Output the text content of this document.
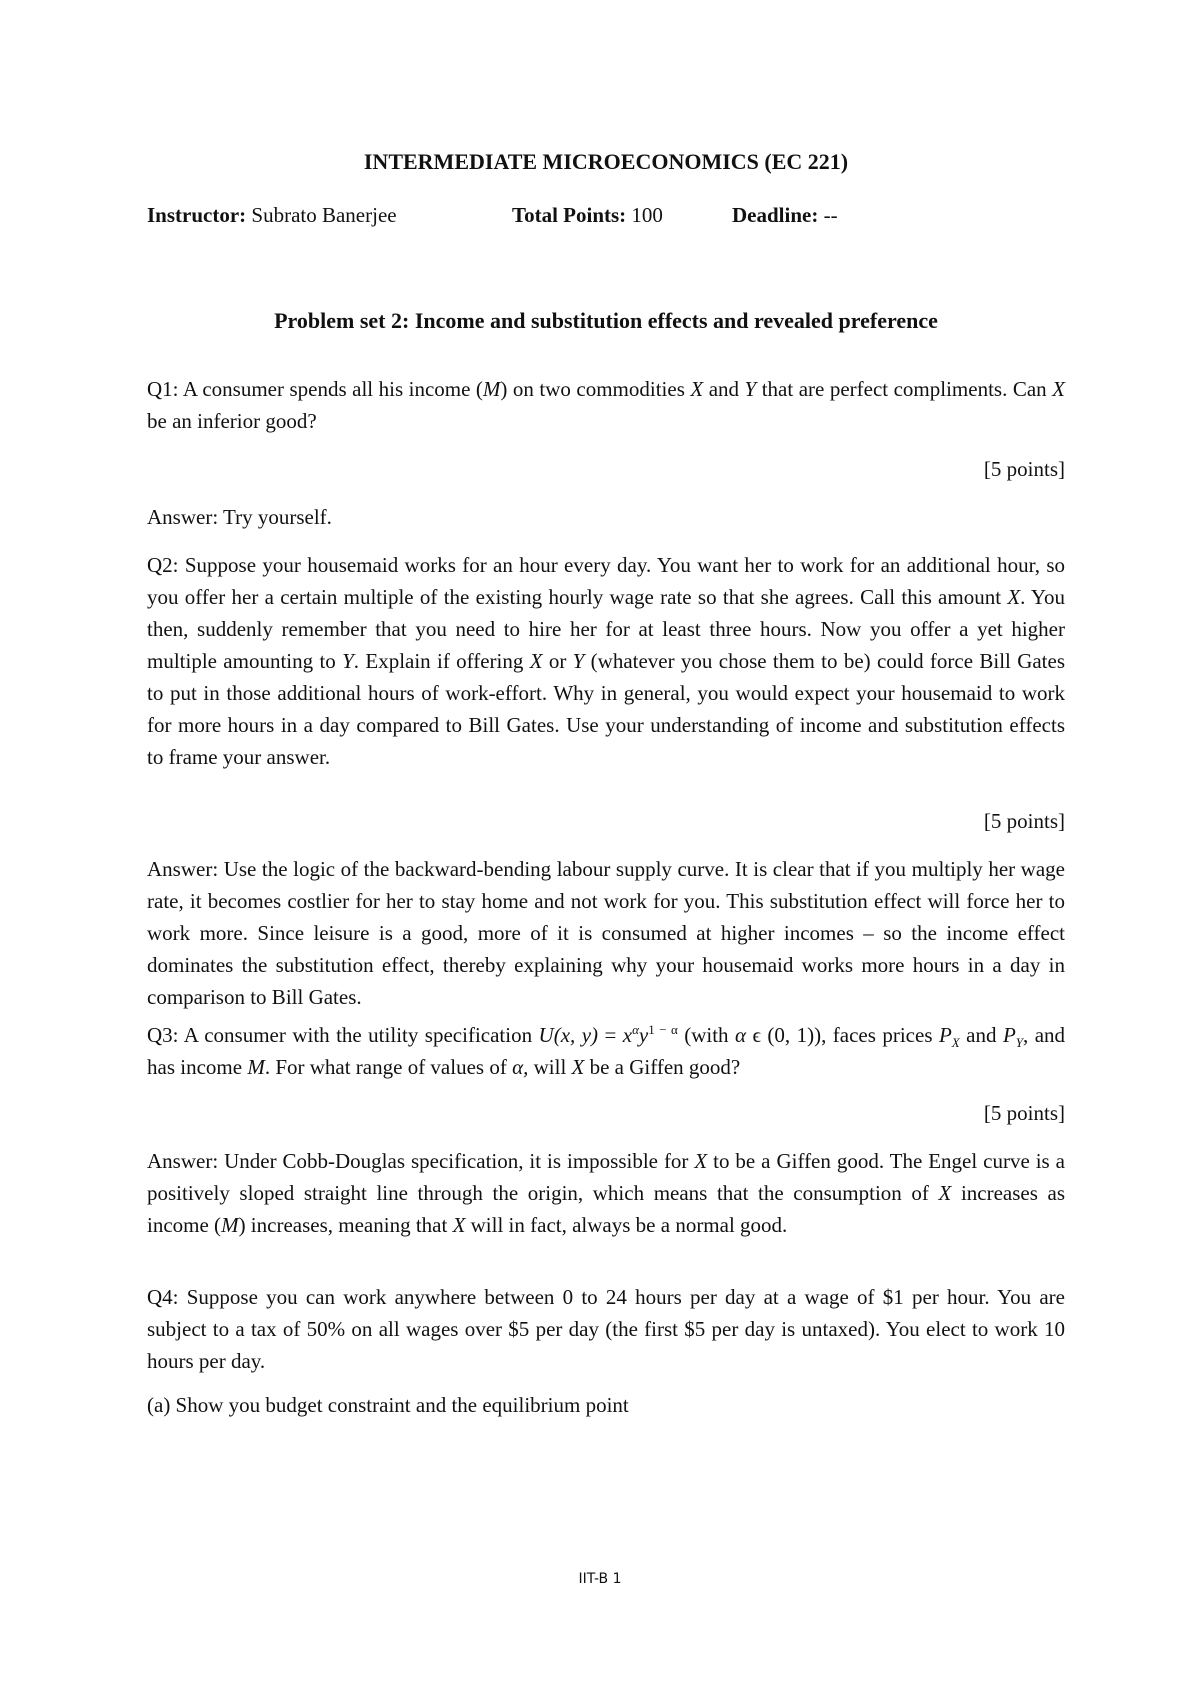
INTERMEDIATE MICROECONOMICS (EC 221)
Instructor: Subrato Banerjee	Total Points: 100	Deadline: --
Problem set 2: Income and substitution effects and revealed preference

Q1: A consumer spends all his income (M) on two commodities X and Y that are perfect compliments. Can X be an inferior good?

[5 points]
Answer: Try yourself.

Q2: Suppose your housemaid works for an hour every day. You want her to work for an additional hour, so you offer her a certain multiple of the existing hourly wage rate so that she agrees. Call this amount X. You then, suddenly remember that you need to hire her for at least three hours. Now you offer a yet higher multiple amounting to Y. Explain if offering X or Y (whatever you chose them to be) could force Bill Gates to put in those additional hours of work-effort. Why in general, you would expect your housemaid to work for more hours in a day compared to Bill Gates. Use your understanding of income and substitution effects to frame your answer.

[5 points]
Answer: Use the logic of the backward-bending labour supply curve. It is clear that if you multiply her wage rate, it becomes costlier for her to stay home and not work for you. This substitution effect will force her to work more. Since leisure is a good, more of it is consumed at higher incomes – so the income effect dominates the substitution effect, thereby explaining why your housemaid works more hours in a day in comparison to Bill Gates.

Q3: A consumer with the utility specification U(x, $y) = x^\alpha y^{1 - \alpha}$ (with α ϵ (0, 1)), faces prices $P_X$ and $P_Y$, and has income M. For what range of values of α, will X be a Giffen good?

[5 points]

Answer: Under Cobb-Douglas specification, it is impossible for X to be a Giffen good. The Engel curve is a positively sloped straight line through the origin, which means that the consumption of X increases as income (M) increases, meaning that X will in fact, always be a normal good.

Q4: Suppose you can work anywhere between 0 to 24 hours per day at a wage of $1 per hour. You are subject to a tax of 50% on all wages over $5 per day (the first $5 per day is untaxed). You elect to work 10 hours per day.
(a) Show you budget constraint and the equilibrium point
IIT-B 1
